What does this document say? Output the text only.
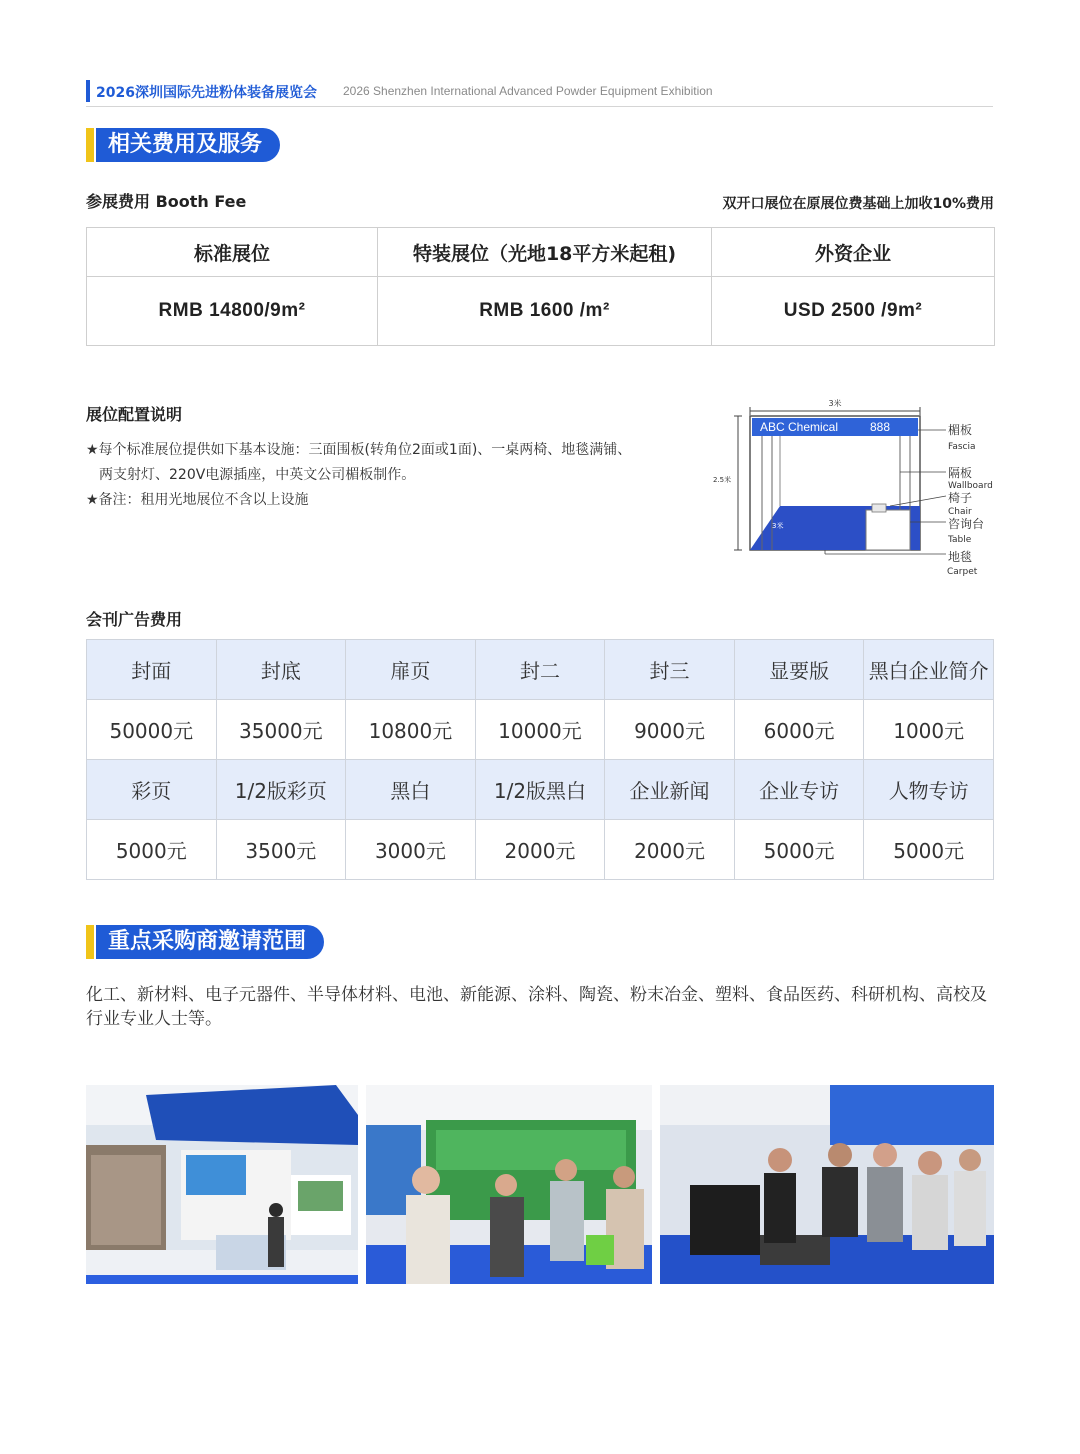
2026深圳国际先进粉体装备展览会 2026 Shenzhen International Advanced Powder Equipment Exhibition
相关费用及服务
参展费用 Booth Fee	双开口展位在原展位费基础上加收10%费用
标准展位	特装展位（光地18平方米起租)	外资企业
RMB 14800/9m²	RMB 1600 /m²	USD 2500 /9m²
展位配置说明
★每个标准展位提供如下基本设施：三面围板(转角位2面或1面)、一桌两椅、地毯满铺、
两支射灯、220V电源插座，中英文公司楣板制作。
★备注：租用光地展位不含以上设施
3米
2.5米
ABC Chemical	888
3米
楣板
Fascia
隔板
Wallboard
椅子
Chair
咨询台
Table
地毯
Carpet
会刊广告费用
封面	封底	扉页	封二	封三	显要版	黑白企业简介
50000元	35000元	10800元	10000元	9000元	6000元	1000元
彩页	1/2版彩页	黑白	1/2版黑白	企业新闻	企业专访	人物专访
5000元	3500元	3000元	2000元	2000元	5000元	5000元
重点采购商邀请范围
化工、新材料、电子元器件、半导体材料、电池、新能源、涂料、陶瓷、粉末冶金、塑料、食品医药、科研机构、高校及行业专业人士等。
